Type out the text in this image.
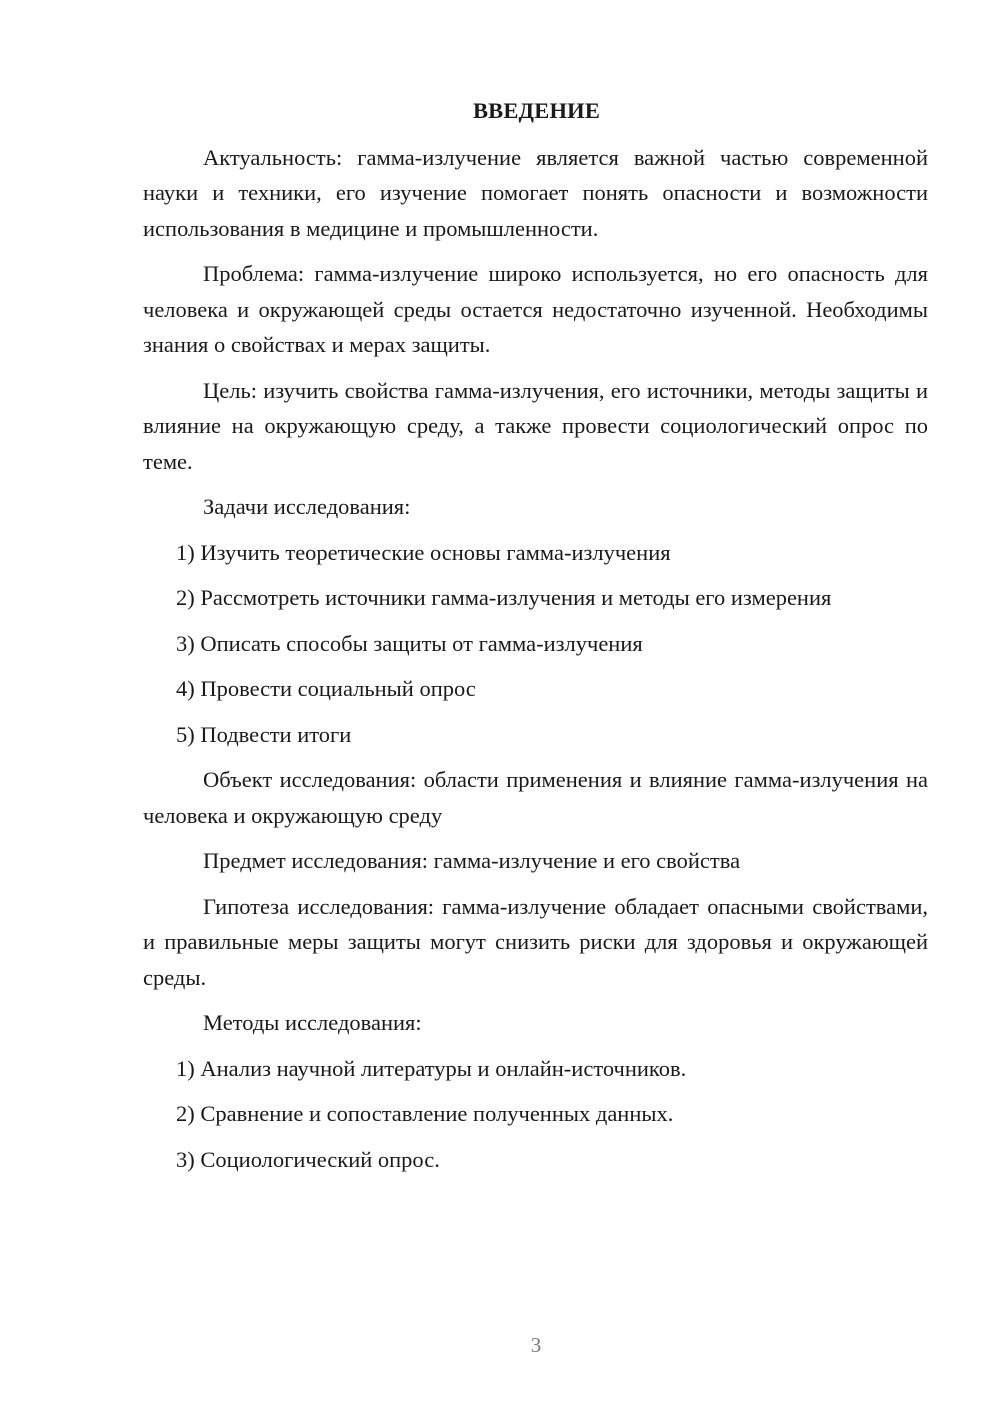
ВВЕДЕНИЕ

Актуальность: гамма-излучение является важной частью современной науки и техники, его изучение помогает понять опасности и возможности использования в медицине и промышленности.

Проблема: гамма-излучение широко используется, но его опасность для человека и окружающей среды остается недостаточно изученной. Необходимы знания о свойствах и мерах защиты.

Цель: изучить свойства гамма-излучения, его источники, методы защиты и влияние на окружающую среду, а также провести социологический опрос по теме.

Задачи исследования:

1) Изучить теоретические основы гамма-излучения
2) Рассмотреть источники гамма-излучения и методы его измерения
3) Описать способы защиты от гамма-излучения
4) Провести социальный опрос
5) Подвести итоги

Объект исследования: области применения и влияние гамма-излучения на человека и окружающую среду

Предмет исследования: гамма-излучение и его свойства

Гипотеза исследования: гамма-излучение обладает опасными свойствами, и правильные меры защиты могут снизить риски для здоровья и окружающей среды.

Методы исследования:

1) Анализ научной литературы и онлайн-источников.
2) Сравнение и сопоставление полученных данных.
3) Социологический опрос.
3
